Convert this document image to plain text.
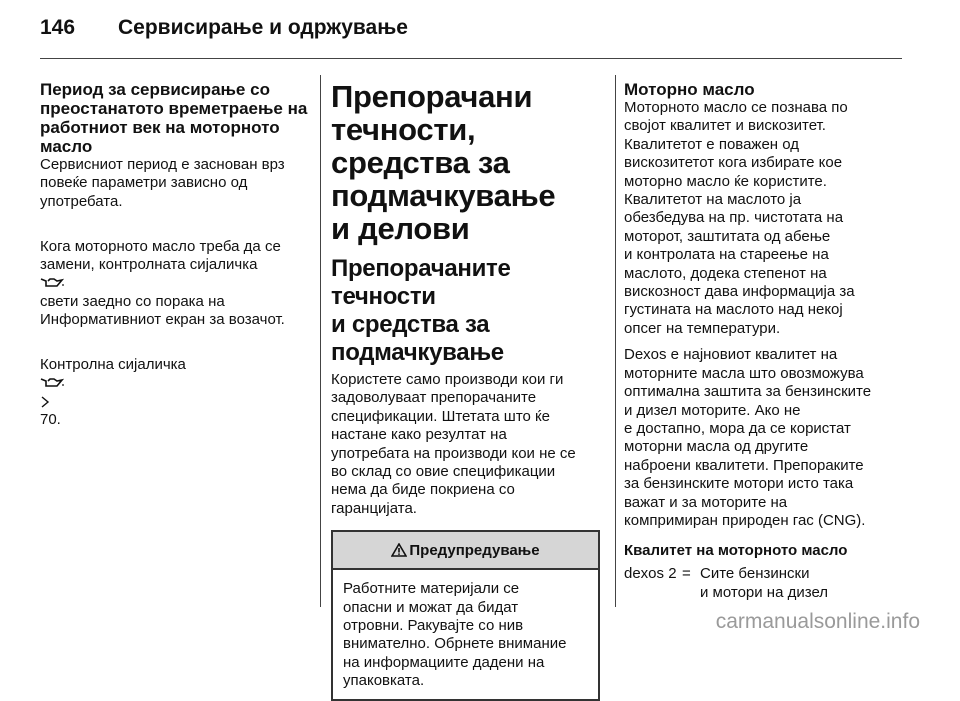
146 Сервисирање и одржување
Период за сервисирање со преостанатото времетраење на работниот век на моторното масло

Сервисниот период е заснован врз повеќе параметри зависно од употребата.

Кога моторното масло треба да се замени, контролната сијаличка

свети заедно со порака на Информативниот екран за возачот.

Контролна сијаличка

70.

Препорачани
течности, средства за
подмачкување
и делови
Препорачаните течности
и средства за
подмачкување

Користете само производи кои ги
задоволуваат препорачаните
спецификации. Штетата што ќе
настане како резултат на
употребата на производи кои не се
во склад со овие спецификации
нема да биде покриена со
гаранцијата.

Предупредување
Работните материјали се
опасни и можат да бидат
отровни. Ракувајте со нив
внимателно. Обрнете внимание
на информациите дадени на
упаковката.
Моторно масло

Моторното масло се познава по
својот квалитет и вискозитет.
Квалитетот е поважен од
вискозитетот кога избирате кое
моторно масло ќе користите.
Квалитетот на маслото ја
обезбедува на пр. чистотата на
моторот, заштитата од абење
и контролата на стареење на
маслото, додека степенот на
вискозност дава информација за
густината на маслото над некој
опсег на температури.

Dexos е најновиот квалитет на
моторните масла што овозможува
оптимална заштита за бензинските
и дизел моторите. Ако не
е достапно, мора да се користат
моторни масла од другите
наброени квалитети. Препораките
за бензинските мотори исто така
важат и за моторите на
компримиран природен гас (CNG).

Квалитет на моторното масло
dexos 2 = Сите бензински
и мотори на дизел
carmanualsonline.info
